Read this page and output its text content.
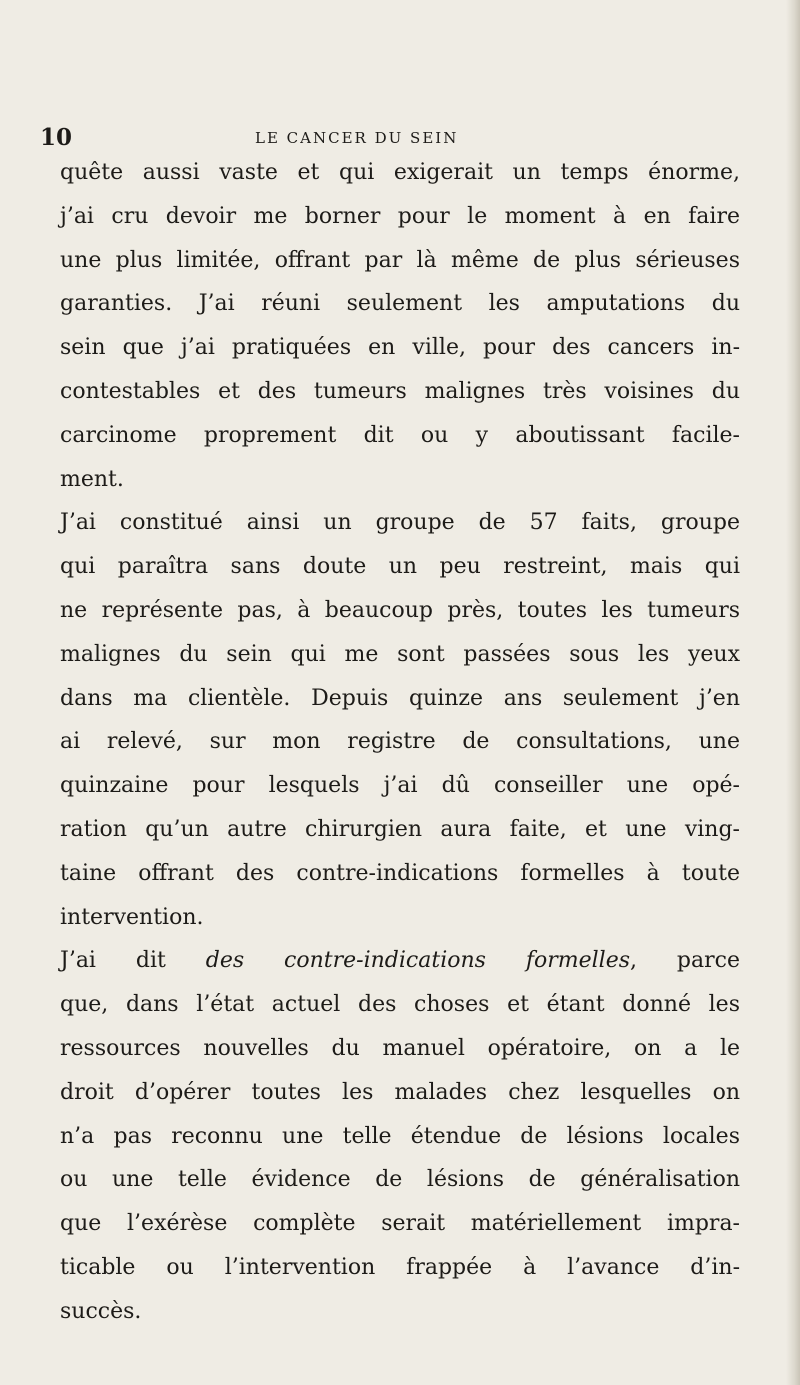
10	LE CANCER DU SEIN
quête aussi vaste et qui exigerait un temps énorme,
j’ai cru devoir me borner pour le moment à en faire
une plus limitée, offrant par là même de plus sérieuses
garanties. J’ai réuni seulement les amputations du
sein que j’ai pratiquées en ville, pour des cancers in-
contestables et des tumeurs malignes très voisines du
carcinome proprement dit ou y aboutissant facile-
ment.
J’ai constitué ainsi un groupe de 57 faits, groupe
qui paraîtra sans doute un peu restreint, mais qui
ne représente pas, à beaucoup près, toutes les tumeurs
malignes du sein qui me sont passées sous les yeux
dans ma clientèle. Depuis quinze ans seulement j’en
ai relevé, sur mon registre de consultations, une
quinzaine pour lesquels j’ai dû conseiller une opé-
ration qu’un autre chirurgien aura faite, et une ving-
taine offrant des contre-indications formelles à toute
intervention.
J’ai dit des contre-indications formelles, parce
que, dans l’état actuel des choses et étant donné les
ressources nouvelles du manuel opératoire, on a le
droit d’opérer toutes les malades chez lesquelles on
n’a pas reconnu une telle étendue de lésions locales
ou une telle évidence de lésions de généralisation
que l’exérèse complète serait matériellement impra-
ticable ou l’intervention frappée à l’avance d’in-
succès.
